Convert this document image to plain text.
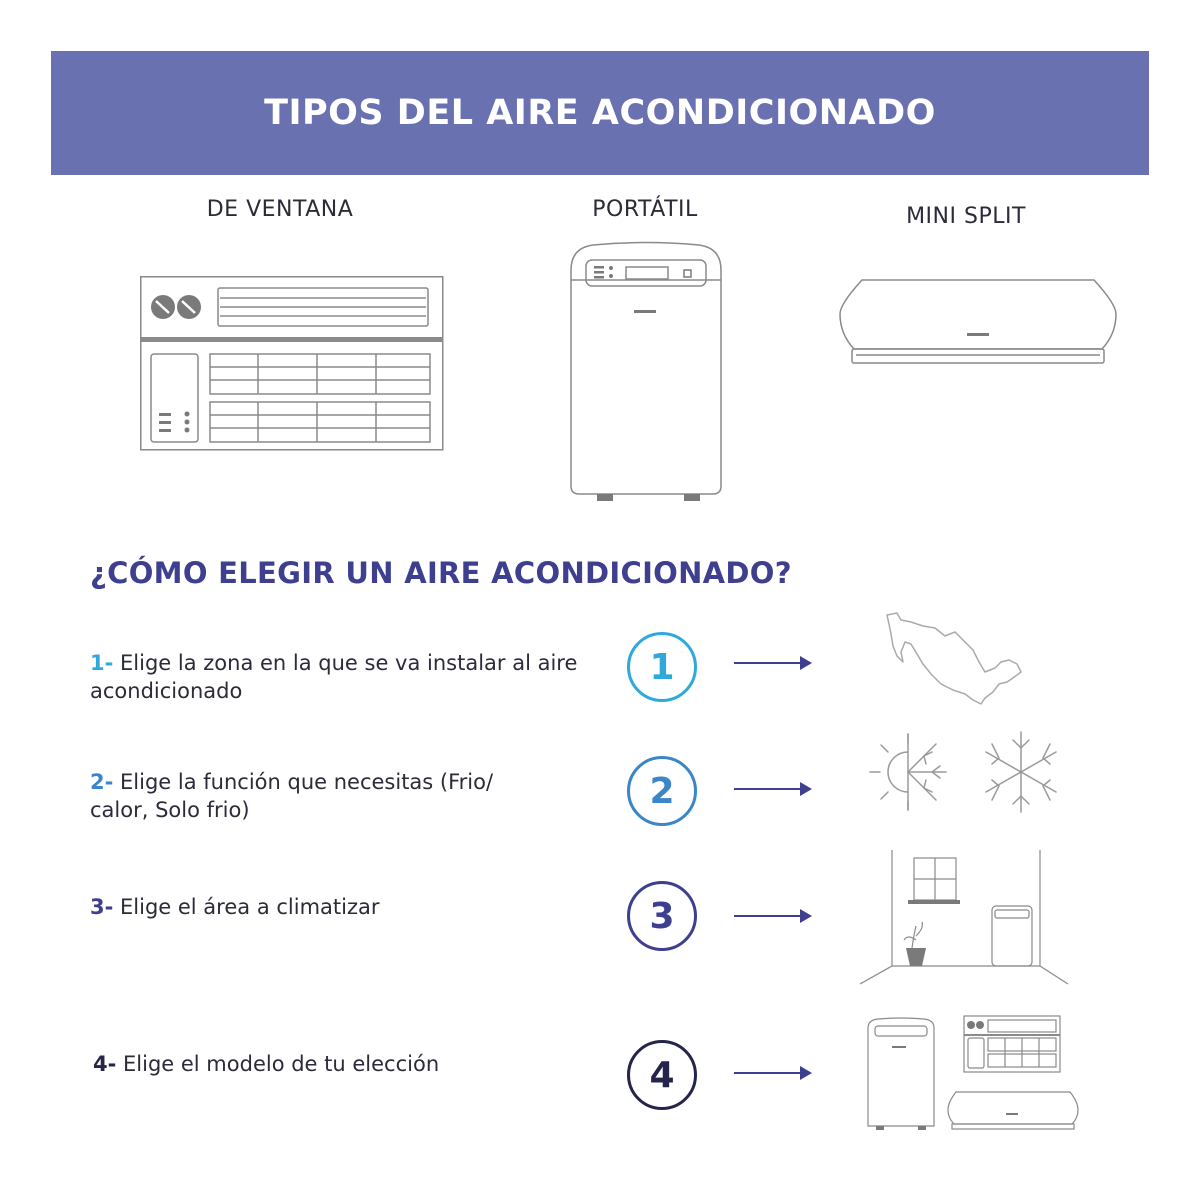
TIPOS DEL AIRE ACONDICIONADO
DE VENTANA	PORTÁTIL	MINI SPLIT
¿CÓMO ELEGIR UN AIRE ACONDICIONADO?
1- Elige la zona en la que se va instalar al aire acondicionado
1
2- Elige la función que necesitas (Frio/ calor, Solo frio)	2
3- Elige el área a climatizar	3
4- Elige el modelo de tu elección	4
